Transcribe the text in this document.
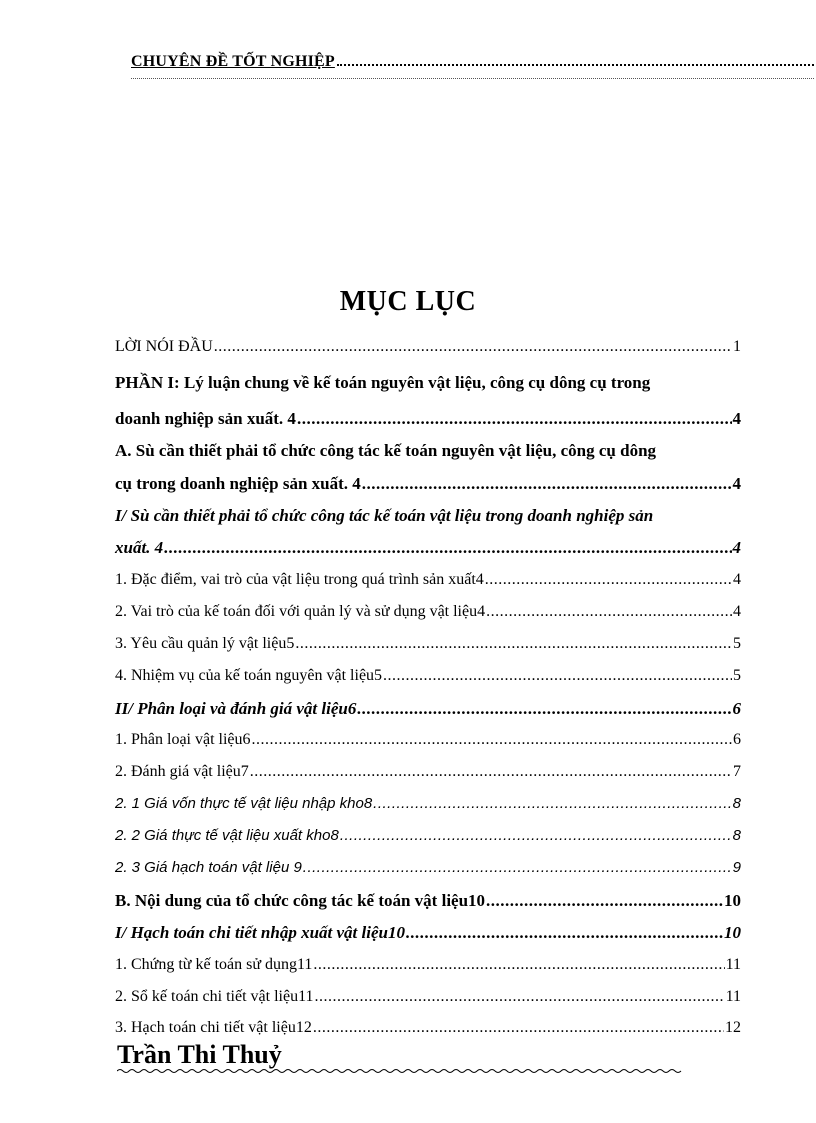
CHUYÊN ĐỀ TỐT NGHIỆP
MỤC LỤC
LỜI NÓI ĐẦU .....	1
PHẦN I: Lý luận chung về kế toán nguyên vật liệu, công cụ dông cụ trong
doanh nghiệp sản xuất. 4 .....	4
A. Sù cần thiết phải tổ chức công tác kế toán nguyên vật liệu, công cụ dông
cụ trong doanh nghiệp sản xuất. 4 .....	4
I/ Sù cần thiết phải tổ chức công tác kế toán vật liệu trong doanh nghiệp sản
xuất. 4 .....	4
1. Đặc điểm, vai trò của vật liệu trong quá trình sản xuất4 .....	4
2. Vai trò của kế toán đối với quản lý và sử dụng vật liệu4 .....	4
3. Yêu cầu quản lý vật liệu5 .....	5
4. Nhiệm vụ của kế toán nguyên vật liệu5 .....	5
II/ Phân loại và đánh giá vật liệu6 .....	6
1. Phân loại vật liệu6 .....	6
2. Đánh giá vật liệu7 .....	7
2. 1 Giá vốn thực tế vật liệu nhập kho8 .....	8
2. 2 Giá thực tế vật liệu xuất kho8 .....	8
2. 3 Giá hạch toán vật liệu 9 .....	9
B. Nội dung của tổ chức công tác kế toán vật liệu10 .....	10
I/ Hạch toán chi tiết nhập xuất vật liệu10 .....	10
1. Chứng từ kế toán sử dụng11 .....	11
2. Sổ kế toán chi tiết vật liệu11 .....	11
3. Hạch toán chi tiết vật liệu12 .....	12
Trần Thi Thuỷ
